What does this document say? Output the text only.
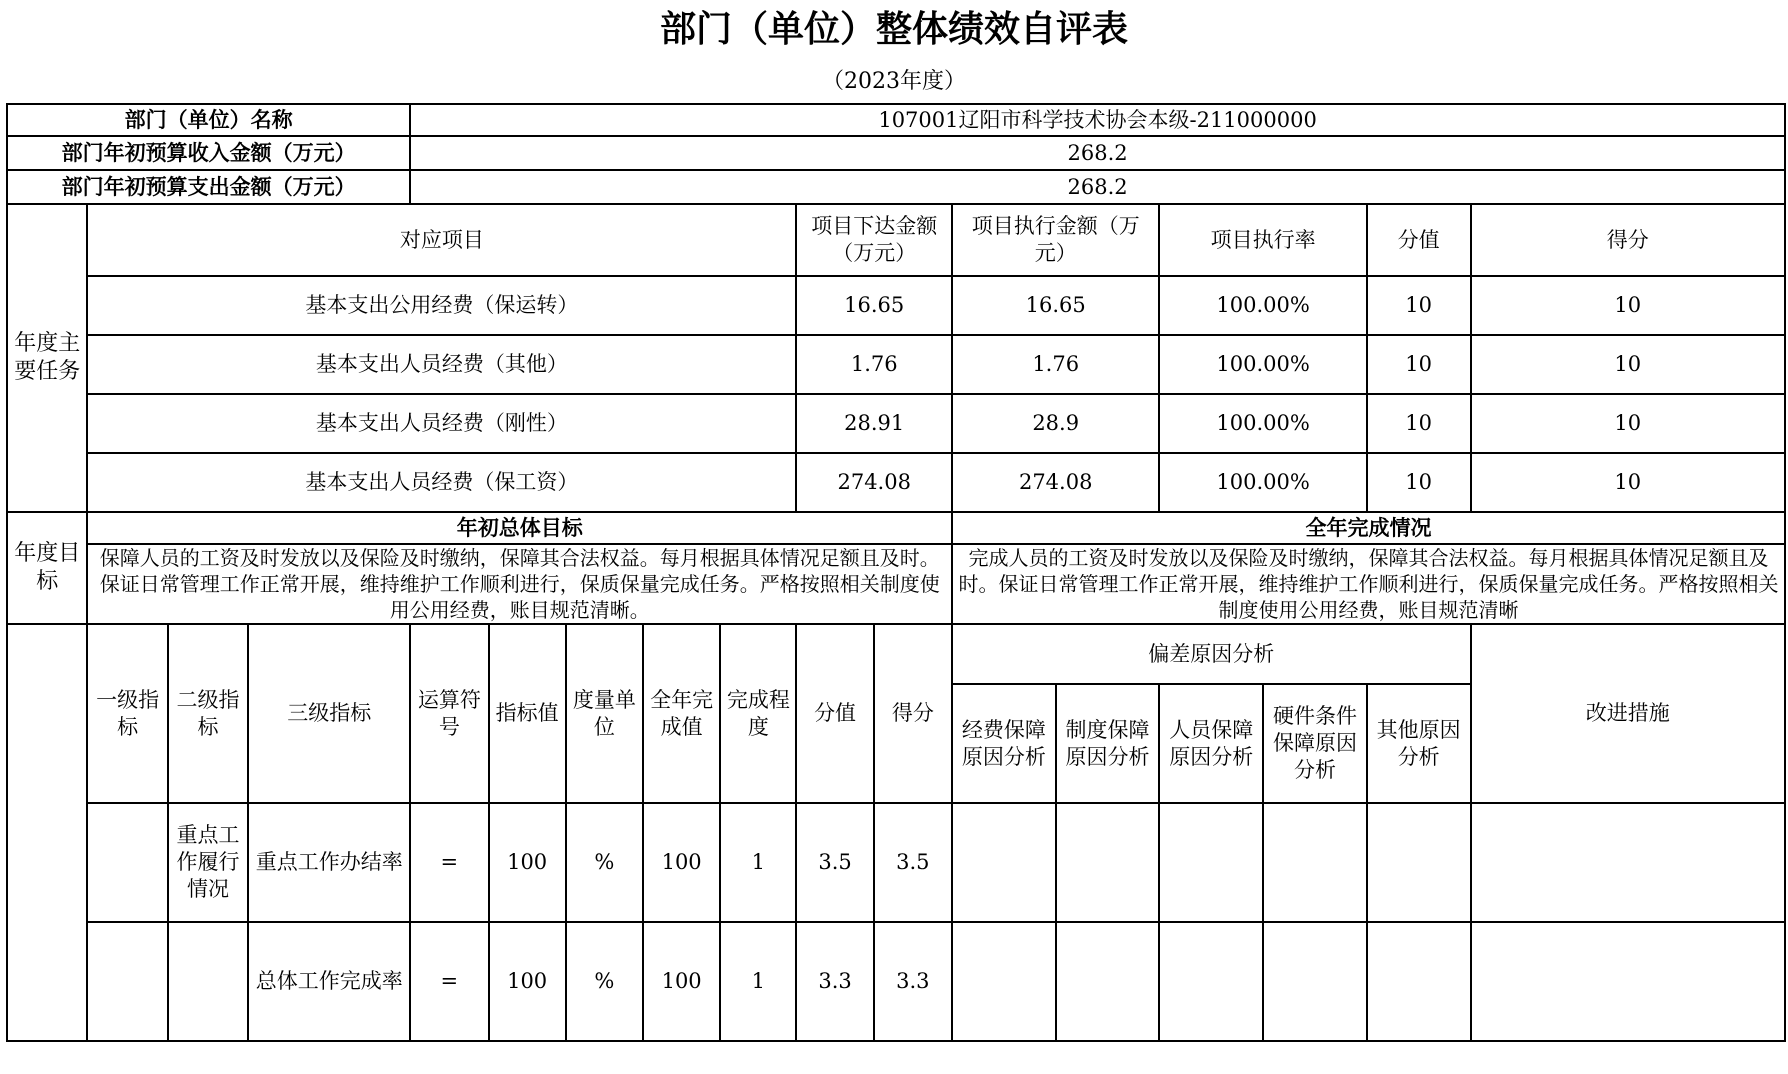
部门（单位）整体绩效自评表
（2023年度）
部门（单位）名称				107001辽阳市科学技术协会本级-211000000												
部门年初预算收入金额（万元）				268.2												
部门年初预算支出金额（万元）				268.2												
年度主要任务	对应项目								项目下达金额（万元）		项目执行金额（万元）		项目执行率		分值	得分
	基本支出公用经费（保运转）								16.65		16.65		100.00%		10	10
	基本支出人员经费（其他）								1.76		1.76		100.00%		10	10
	基本支出人员经费（刚性）								28.91		28.9		100.00%		10	10
	基本支出人员经费（保工资）								274.08		274.08		100.00%		10	10
年度目标	年初总体目标										全年完成情况					
	保障人员的工资及时发放以及保险及时缴纳，保障其合法权益。每月根据具体情况足额且及时。保证日常管理工作正常开展，维持维护工作顺利进行，保质保量完成任务。严格按照相关制度使用公用经费，账目规范清晰。										完成人员的工资及时发放以及保险及时缴纳，保障其合法权益。每月根据具体情况足额且及时。保证日常管理工作正常开展，维持维护工作顺利进行，保质保量完成任务。严格按照相关制度使用公用经费，账目规范清晰					
	一级指标	二级指标	三级指标	运算符号	指标值	度量单位	全年完成值	完成程度	分值	得分	偏差原因分析					改进措施
											经费保障原因分析	制度保障原因分析	人员保障原因分析	硬件条件保障原因分析	其他原因分析	
		重点工作履行情况	重点工作办结率	=	100	%	100	1	3.5	3.5						
			总体工作完成率	=	100	%	100	1	3.3	3.3						
